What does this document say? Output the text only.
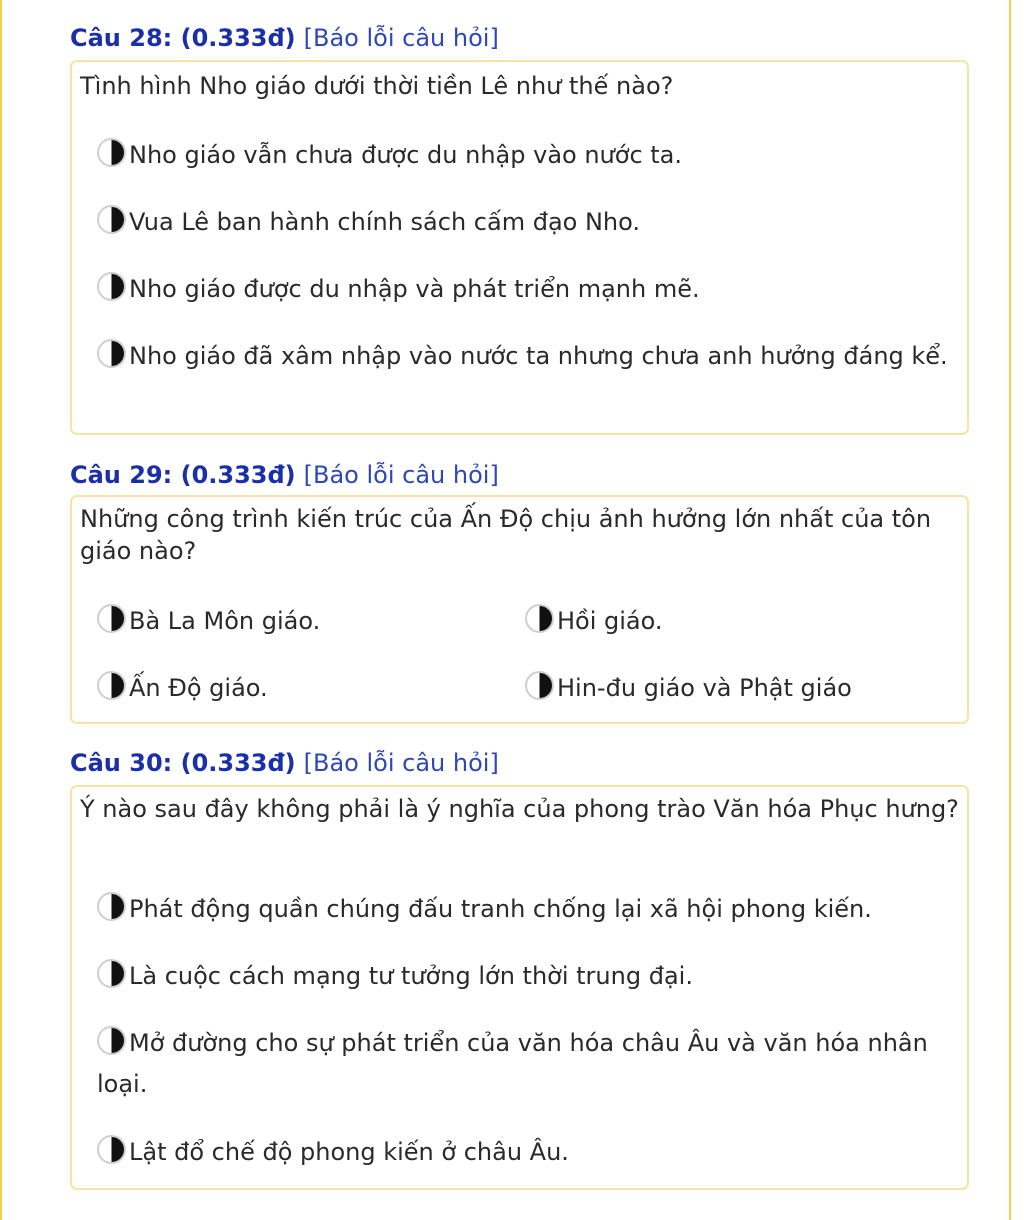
Câu 28: (0.333đ) [Báo lỗi câu hỏi]
Tình hình Nho giáo dưới thời tiền Lê như thế nào?
Nho giáo vẫn chưa được du nhập vào nước ta.
Vua Lê ban hành chính sách cấm đạo Nho.
Nho giáo được du nhập và phát triển mạnh mẽ.
Nho giáo đã xâm nhập vào nước ta nhưng chưa anh hưởng đáng kể.
Câu 29: (0.333đ) [Báo lỗi câu hỏi]
Những công trình kiến trúc của Ấn Độ chịu ảnh hưởng lớn nhất của tôn giáo nào?
Bà La Môn giáo.	Hồi giáo.
Ấn Độ giáo.	Hin-đu giáo và Phật giáo
Câu 30: (0.333đ) [Báo lỗi câu hỏi]
Ý nào sau đây không phải là ý nghĩa của phong trào Văn hóa Phục hưng?
Phát động quần chúng đấu tranh chống lại xã hội phong kiến.
Là cuộc cách mạng tư tưởng lớn thời trung đại.
Mở đường cho sự phát triển của văn hóa châu Âu và văn hóa nhân loại.
Lật đổ chế độ phong kiến ở châu Âu.
